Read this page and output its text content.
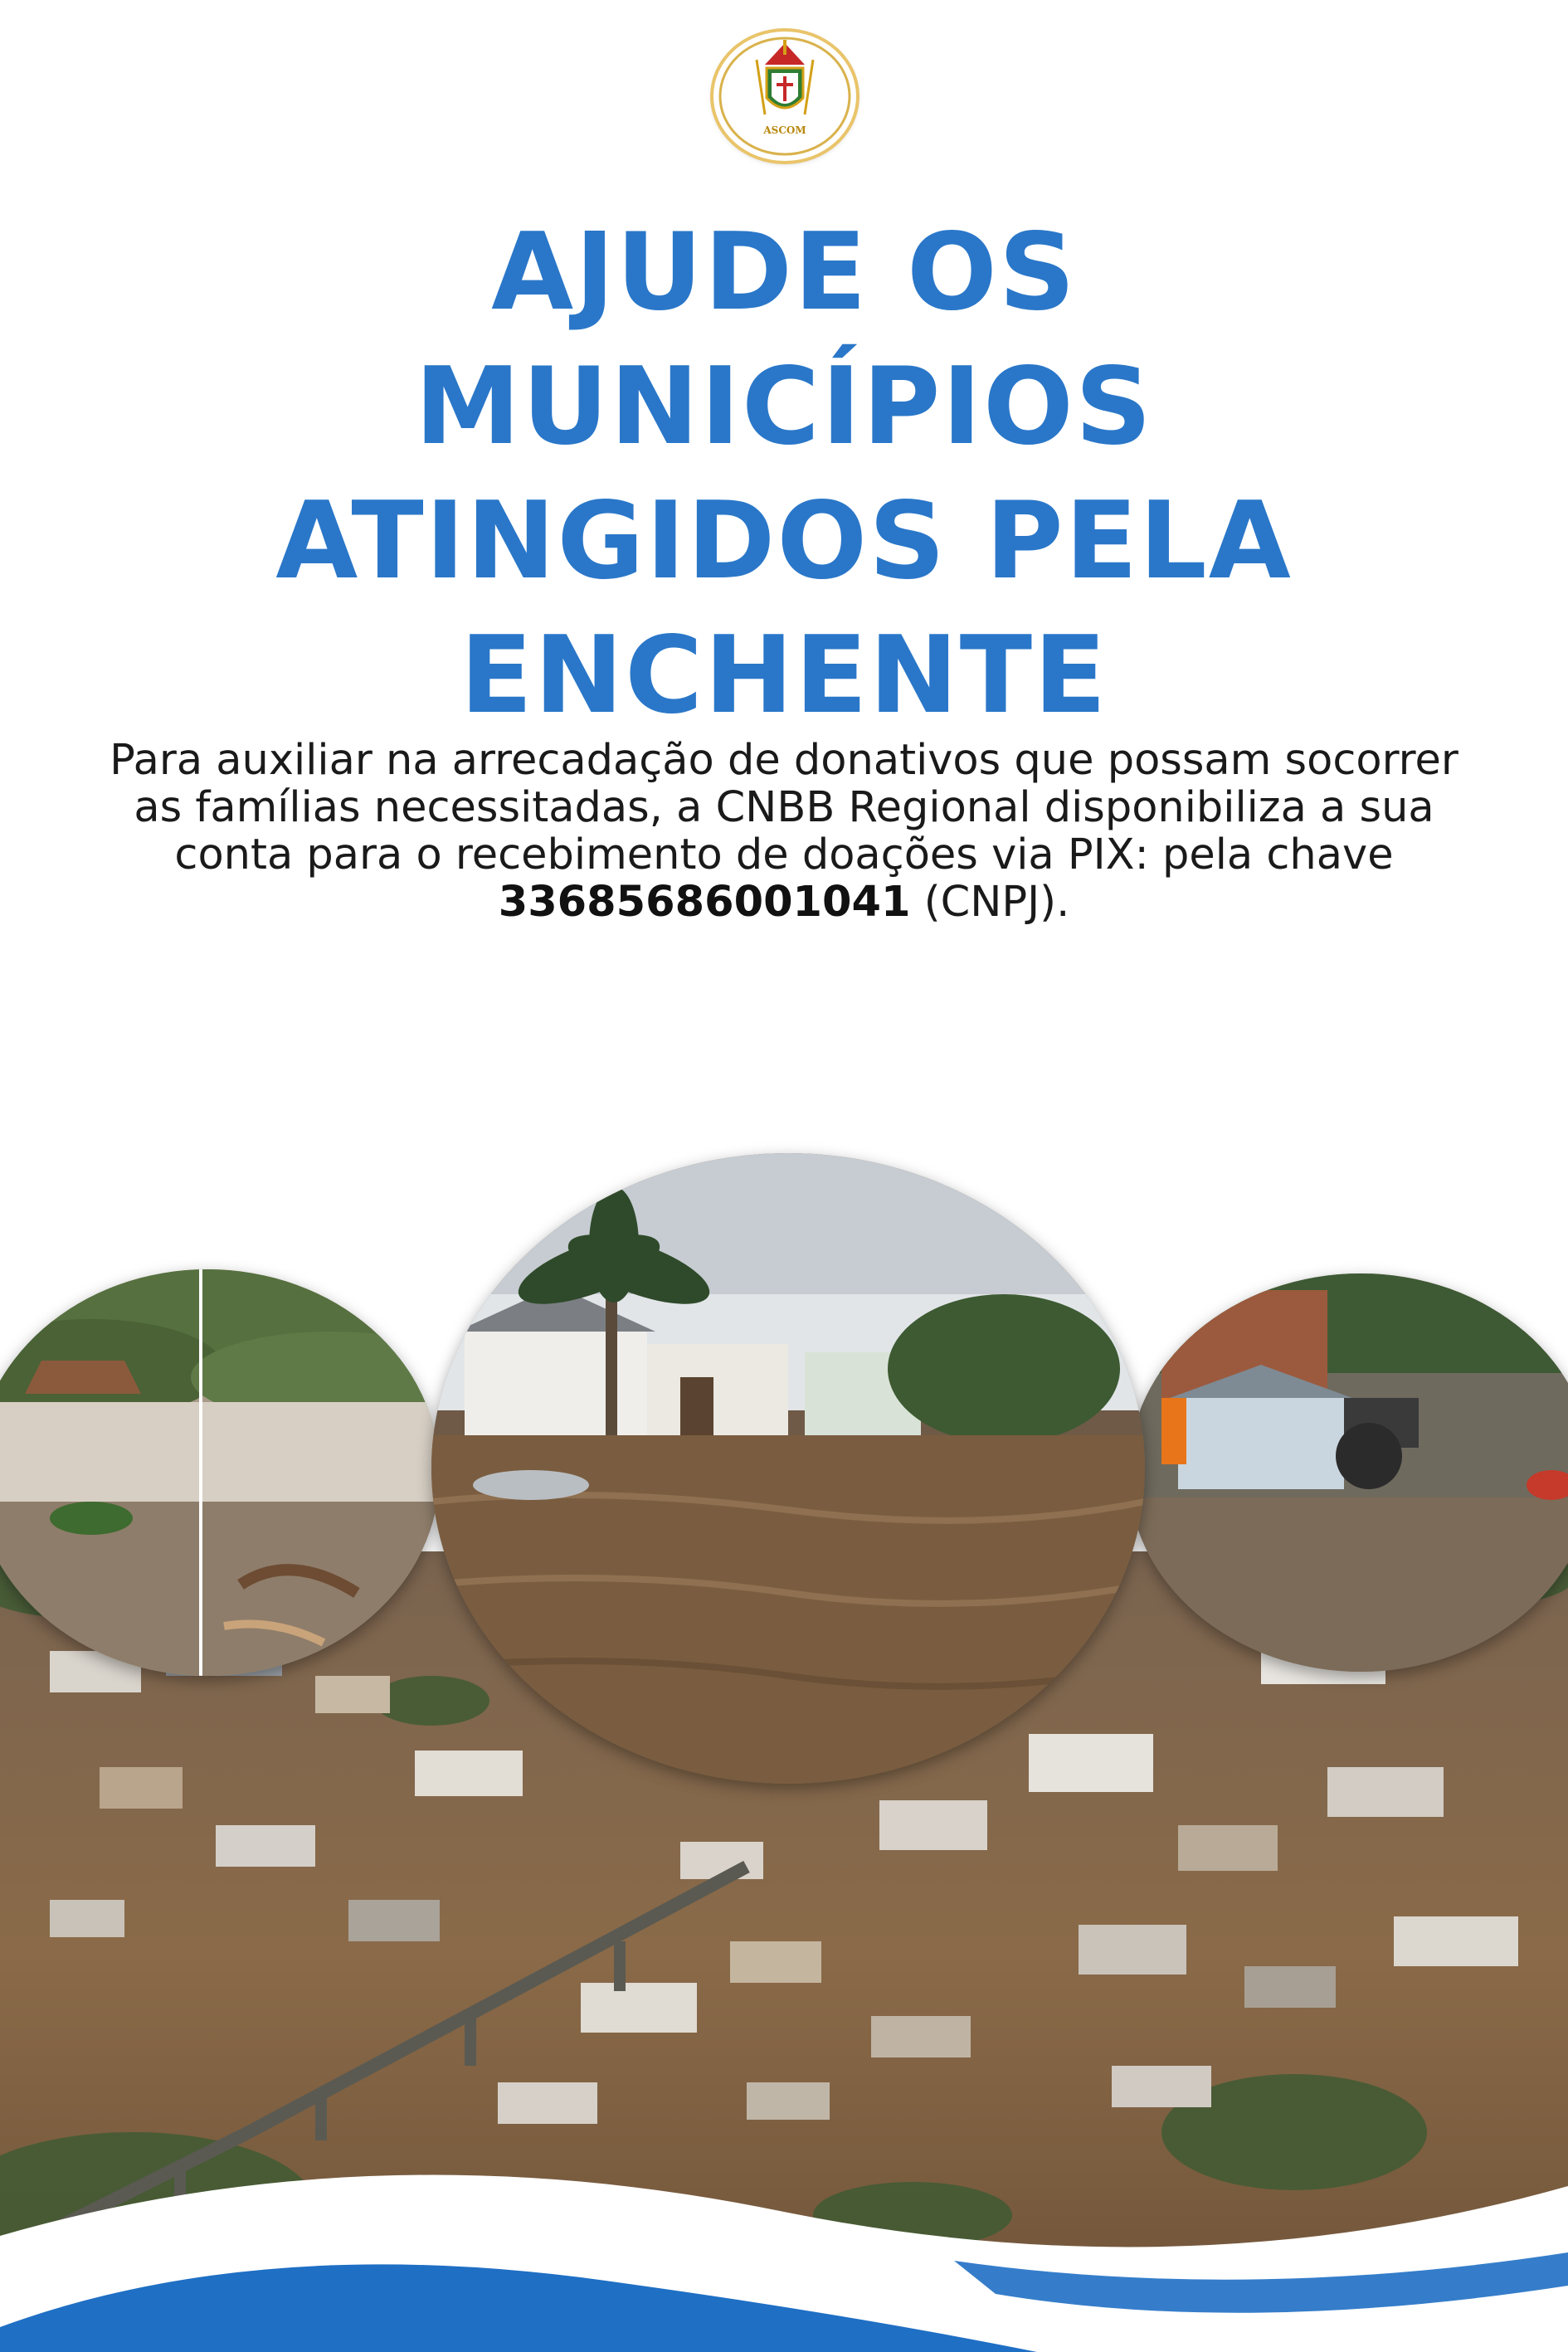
ASCOM
AJUDE OS
MUNICÍPIOS
ATINGIDOS PELA
ENCHENTE

Para auxiliar na arrecadação de donativos que possam socorrer as famílias necessitadas, a CNBB Regional disponibiliza a sua conta para o recebimento de doações via PIX: pela chave 33685686001041 (CNPJ).
